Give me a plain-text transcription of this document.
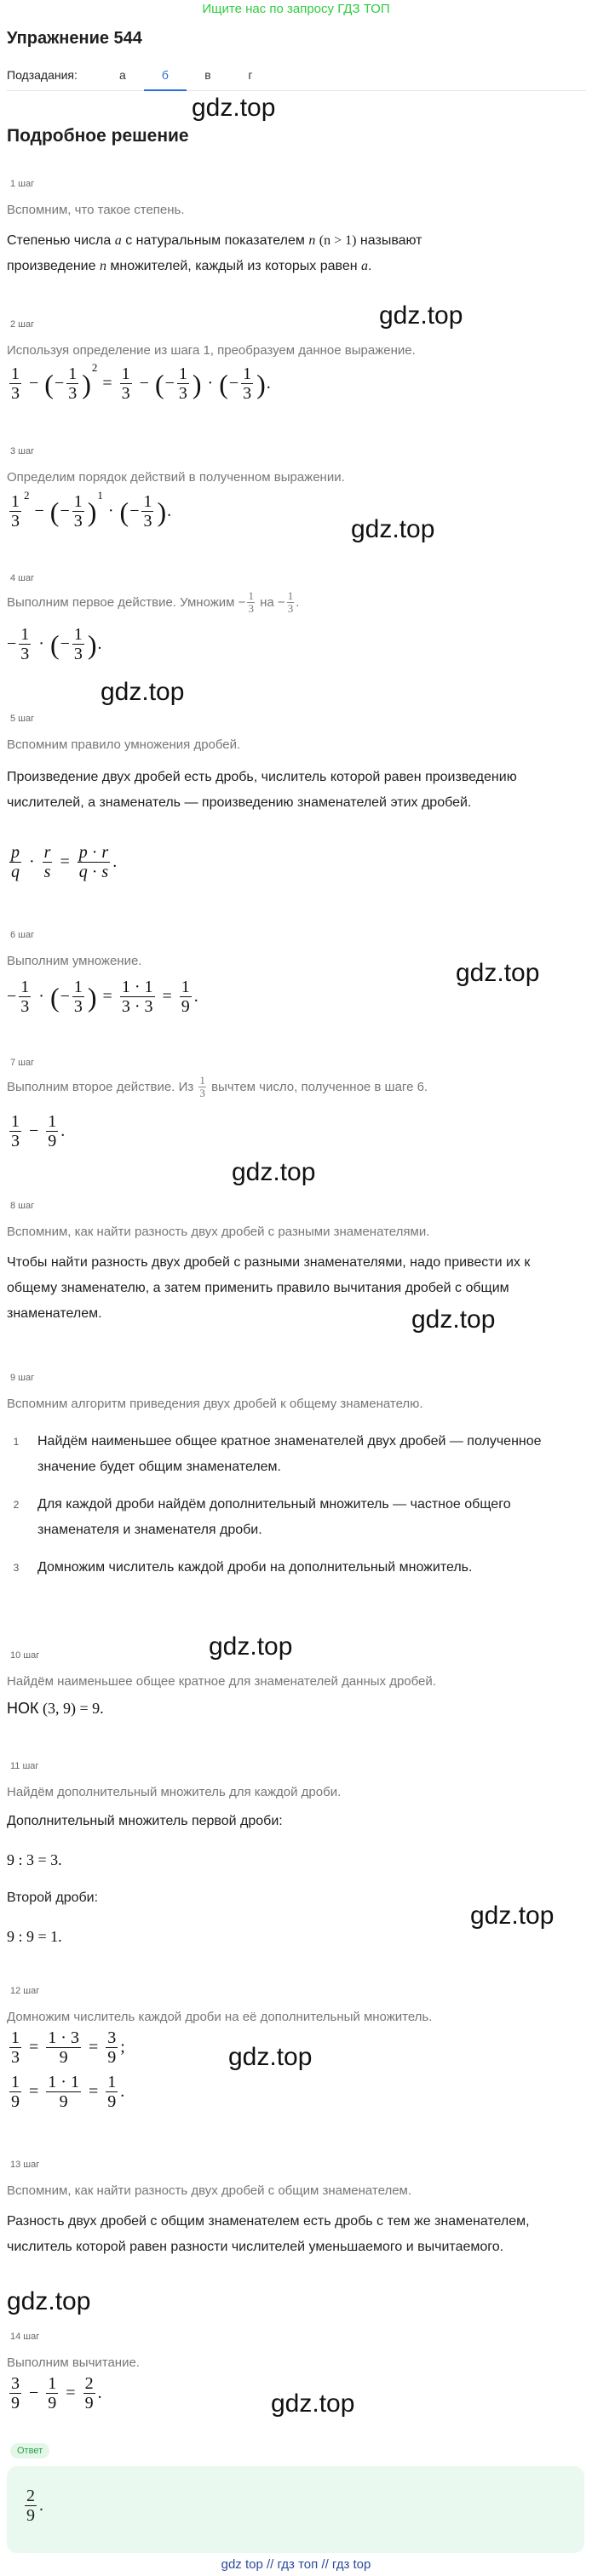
Ищите нас по запросу ГДЗ ТОП
Упражнение 544
Подзадания:	а	б	в	г
Подробное решение
gdz.top
gdz.top
gdz.top
gdz.top
gdz.top
gdz.top
gdz.top
gdz.top
gdz.top
gdz.top
gdz.top
gdz.top
1 шаг
Вспомним, что такое степень.
Степенью числа a с натуральным показателем n (n > 1) называют
произведение n множителей, каждый из которых равен a.
2 шаг
Используя определение из шага 1, преобразуем данное выражение.
$\frac{1}{3}$ − ( − $\frac{1}{3}$ )
2
= $\frac{1}{3}$ − ( − $\frac{1}{3}$ ) · ( − $\frac{1}{3}$ ) .
3 шаг
Определим порядок действий в полученном выражении.
$\frac{1}{3} 2$
− ( − $\frac{1}{3}$ )
1
· ( − $\frac{1}{3}$ ) .
4 шаг
Выполним первое действие. Умножим − $\frac{1}{3}$
на − $\frac{1}{3}$ .
− $\frac{1}{3}$ · ( − $\frac{1}{3}$ ) .
5 шаг
Вспомним правило умножения дробей.
Произведение двух дробей есть дробь, числитель которой равен произведению числителей, а знаменатель — произведению знаменателей этих дробей.
$\frac{p}{q} \cdot \frac{r}{s} = \frac{p \cdot r}{q \cdot s}$ .
6 шаг
Выполним умножение.
− $\frac{1}{3}$ · ( − $\frac{1}{3}$ ) = $\frac{1 \cdot 1}{3 \cdot 3} = \frac{1}{9}$ .
7 шаг
Выполним второе действие. Из
$\frac{1}{3}$
вычтем число, полученное в шаге 6.
$\frac{1}{3} - \frac{1}{9}$ .
8 шаг
Вспомним, как найти разность двух дробей с разными знаменателями.
Чтобы найти разность двух дробей с разными знаменателями, надо привести их к общему знаменателю, а затем применить правило вычитания дробей с общим знаменателем.
9 шаг
Вспомним алгоритм приведения двух дробей к общему знаменателю.
1	Найдём наименьшее общее кратное знаменателей двух дробей — полученное значение будет общим знаменателем.
2	Для каждой дроби найдём дополнительный множитель — частное общего знаменателя и знаменателя дроби.
3	Домножим числитель каждой дроби на дополнительный множитель.
10 шаг
Найдём наименьшее общее кратное для знаменателей данных дробей.
НОК
(3, 9) = 9.
11 шаг
Найдём дополнительный множитель для каждой дроби.
Дополнительный множитель первой дроби:
9 : 3 = 3.
Второй дроби:
9 : 9 = 1.
12 шаг
Домножим числитель каждой дроби на её дополнительный множитель.
$\frac{1}{3} = \frac{1 \cdot 3}{9} = \frac{3}{9}$ ;
$\frac{1}{9} = \frac{1 \cdot 1}{9} = \frac{1}{9}$ .
13 шаг
Вспомним, как найти разность двух дробей с общим знаменателем.
Разность двух дробей с общим знаменателем есть дробь с тем же знаменателем, числитель которой равен разности числителей уменьшаемого и вычитаемого.
14 шаг
Выполним вычитание.
$\frac{3}{9} - \frac{1}{9} = \frac{2}{9}$ .
Ответ
$\frac{2}{9}$ .
gdz top // гдз топ // гдз top
